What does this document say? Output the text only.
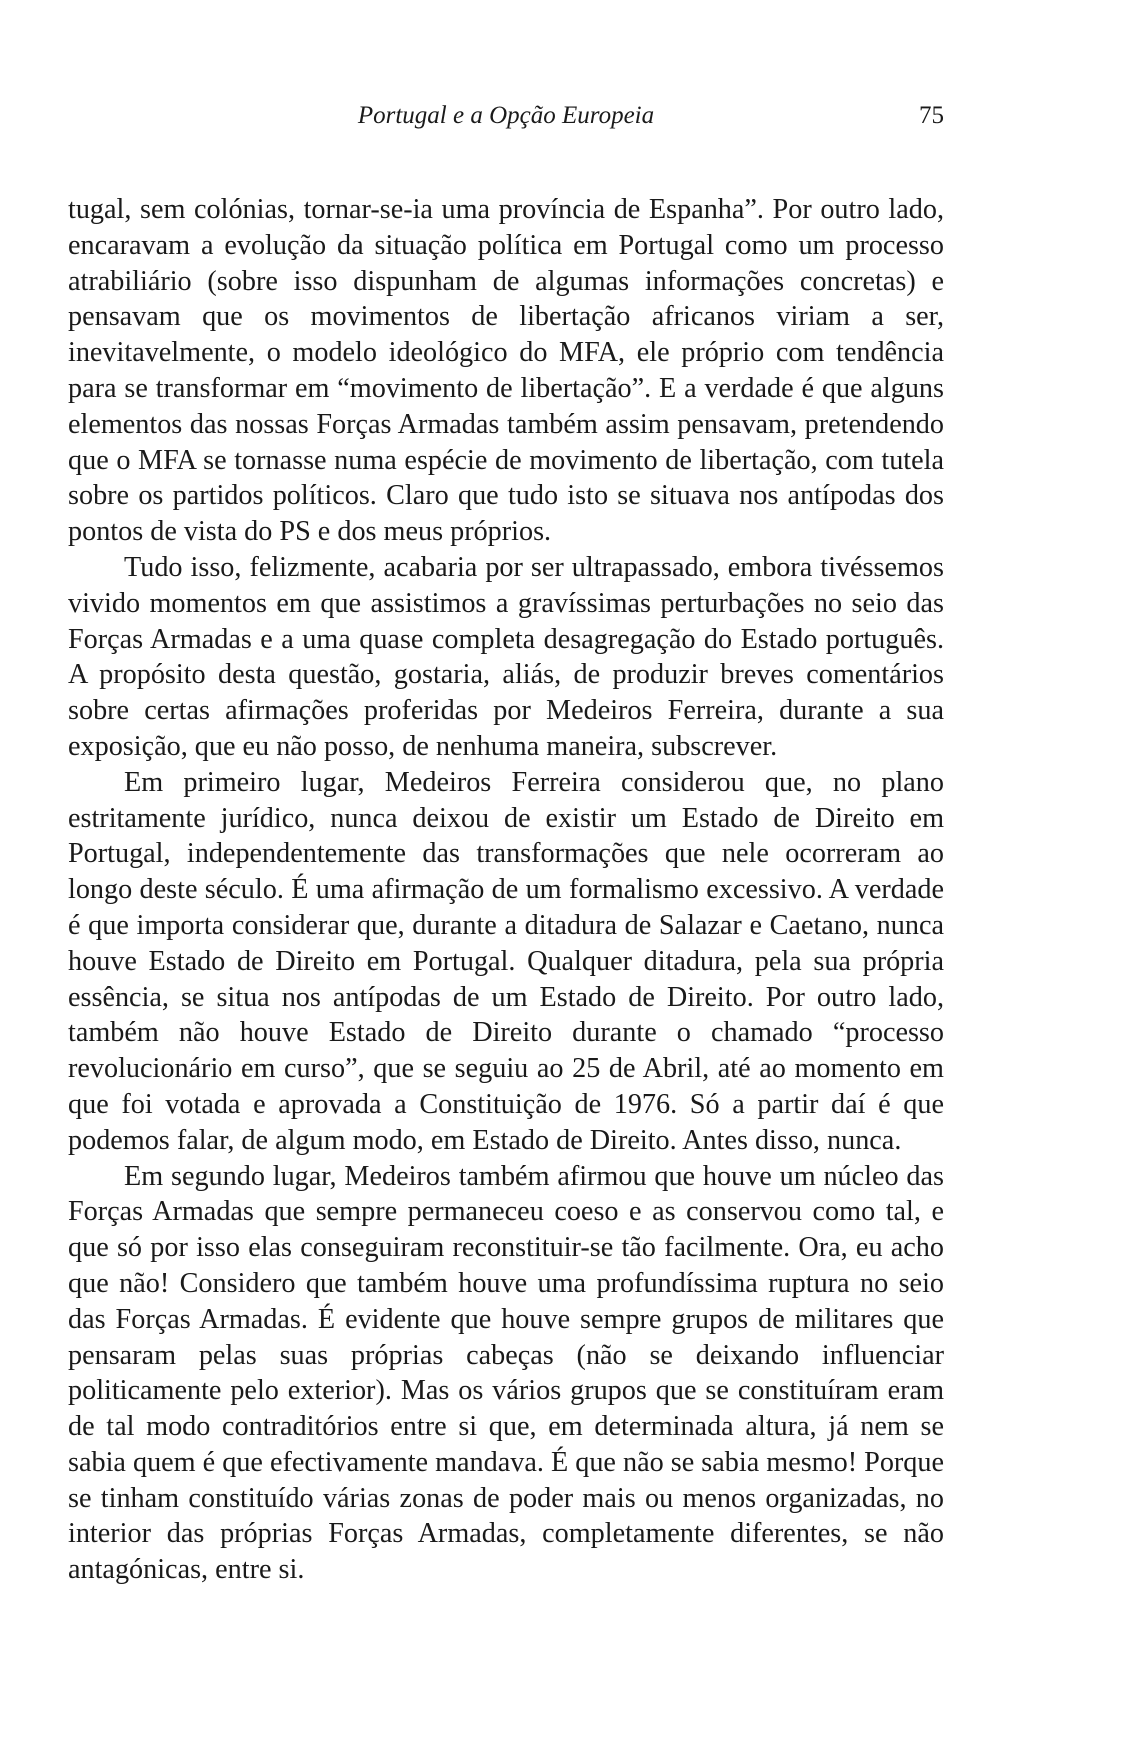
Portugal e a Opção Europeia	75

tugal, sem colónias, tornar-se-ia uma província de Espanha”. Por outro lado, encaravam a evolução da situação política em Portugal como um processo atrabiliário (sobre isso dispunham de algumas informações concretas) e pensavam que os movimentos de libertação africanos viriam a ser, inevitavelmente, o modelo ideológico do MFA, ele próprio com tendência para se transformar em “movimento de libertação”. E a verdade é que alguns elementos das nossas Forças Armadas também assim pensavam, pretendendo que o MFA se tornasse numa espécie de movimento de libertação, com tutela sobre os partidos políticos. Claro que tudo isto se situava nos antípodas dos pontos de vista do PS e dos meus próprios.

Tudo isso, felizmente, acabaria por ser ultrapassado, embora tivéssemos vivido momentos em que assistimos a gravíssimas perturbações no seio das Forças Armadas e a uma quase completa desagregação do Estado português. A propósito desta questão, gostaria, aliás, de produzir breves comentários sobre certas afirmações proferidas por Medeiros Ferreira, durante a sua exposição, que eu não posso, de nenhuma maneira, subscrever.

Em primeiro lugar, Medeiros Ferreira considerou que, no plano estritamente jurídico, nunca deixou de existir um Estado de Direito em Portugal, independentemente das transformações que nele ocorreram ao longo deste século. É uma afirmação de um formalismo excessivo. A verdade é que importa considerar que, durante a ditadura de Salazar e Caetano, nunca houve Estado de Direito em Portugal. Qualquer ditadura, pela sua própria essência, se situa nos antípodas de um Estado de Direito. Por outro lado, também não houve Estado de Direito durante o chamado “processo revolucionário em curso”, que se seguiu ao 25 de Abril, até ao momento em que foi votada e aprovada a Constituição de 1976. Só a partir daí é que podemos falar, de algum modo, em Estado de Direito. Antes disso, nunca.

Em segundo lugar, Medeiros também afirmou que houve um núcleo das Forças Armadas que sempre permaneceu coeso e as conservou como tal, e que só por isso elas conseguiram reconstituir-se tão facilmente. Ora, eu acho que não! Considero que também houve uma profundíssima ruptura no seio das Forças Armadas. É evidente que houve sempre grupos de militares que pensaram pelas suas próprias cabeças (não se deixando influenciar politicamente pelo exterior). Mas os vários grupos que se constituíram eram de tal modo contraditórios entre si que, em determinada altura, já nem se sabia quem é que efectivamente mandava. É que não se sabia mesmo! Porque se tinham constituído várias zonas de poder mais ou menos organizadas, no interior das próprias Forças Armadas, completamente diferentes, se não antagónicas, entre si.
